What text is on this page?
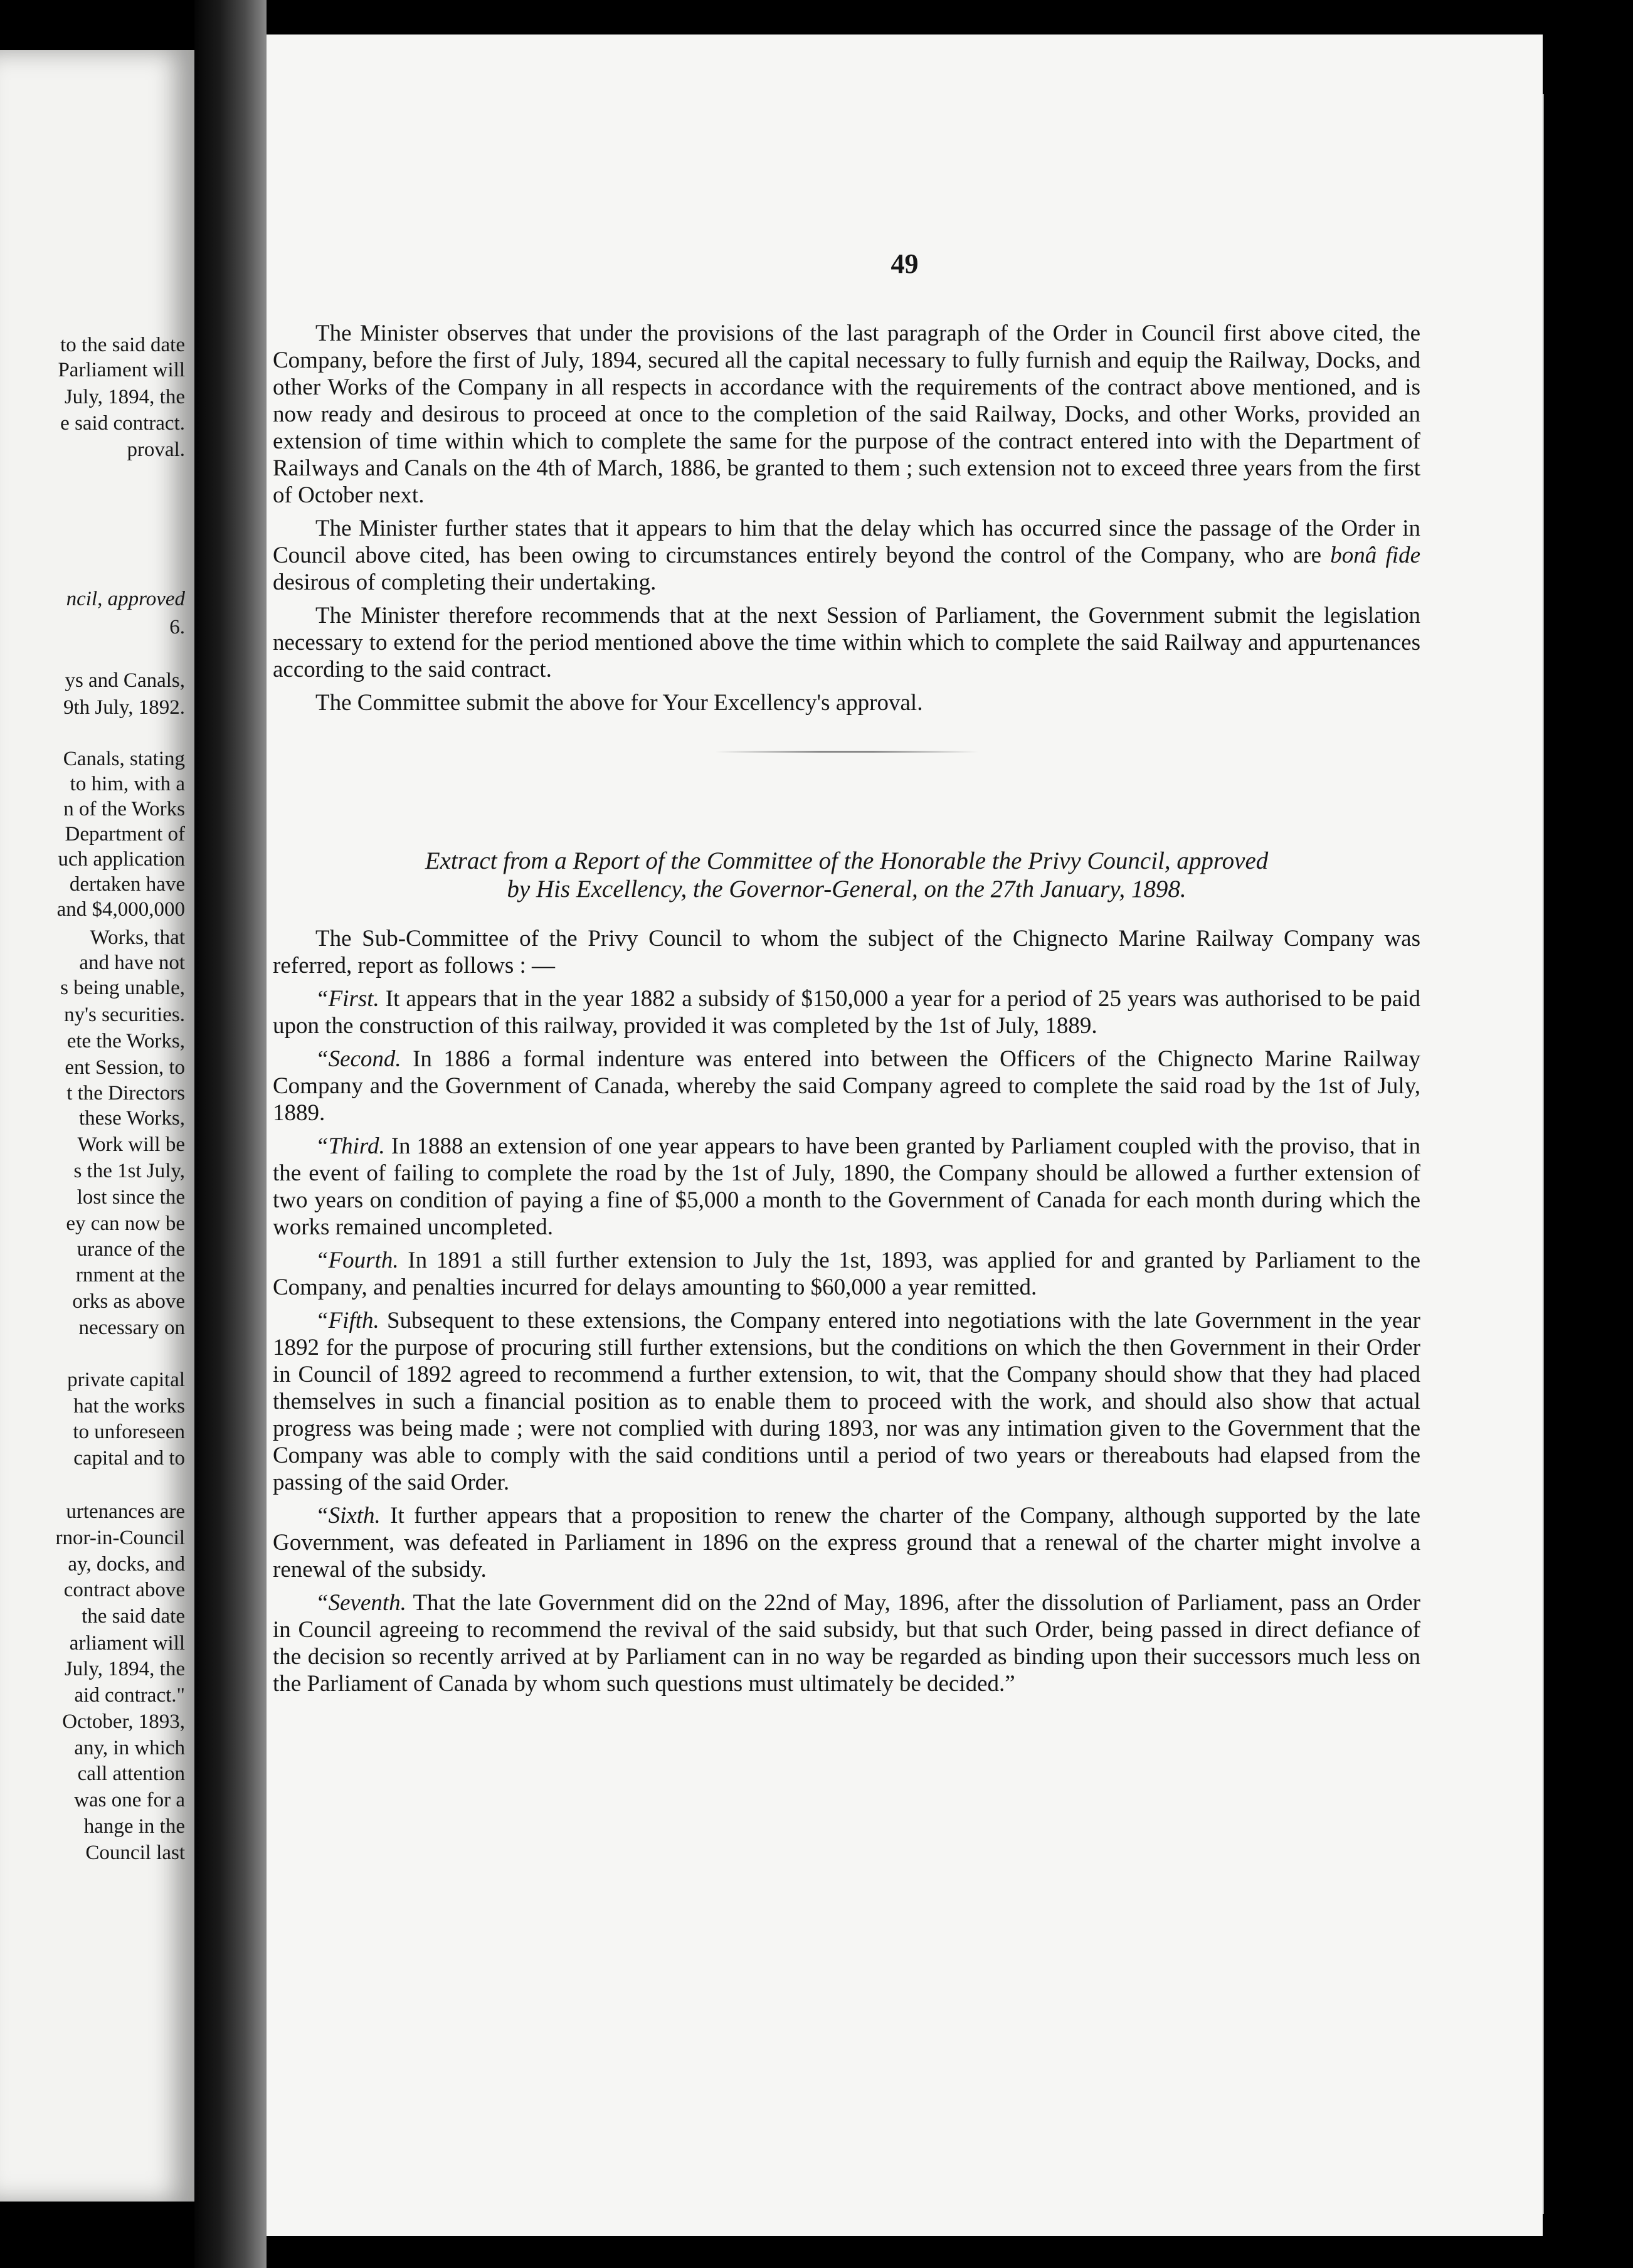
to the said date
Parliament will
July, 1894, the
e said contract.
proval.
ncil, approved
6.
ys and Canals,
9th July, 1892.
Canals, stating
to him, with a
n of the Works
Department of
uch application
dertaken have
and $4,000,000
Works, that
and have not
s being unable,
ny's securities.
ete the Works,
ent Session, to
t the Directors
these Works,
Work will be
s the 1st July,
lost since the
ey can now be
urance of the
rnment at the
orks as above
necessary on
private capital
hat the works
to unforeseen
capital and to
urtenances are
rnor-in-Council
ay, docks, and
contract above
the said date
arliament will
July, 1894, the
aid contract."
October, 1893,
any, in which
call attention
was one for a
hange in the
Council last
49

The Minister observes that under the provisions of the last paragraph of the Order in Council first above cited, the Company, before the first of July, 1894, secured all the capital necessary to fully furnish and equip the Railway, Docks, and other Works of the Company in all respects in accordance with the requirements of the contract above mentioned, and is now ready and desirous to proceed at once to the completion of the said Railway, Docks, and other Works, provided an extension of time within which to complete the same for the purpose of the contract entered into with the Department of Railways and Canals on the 4th of March, 1886, be granted to them ; such extension not to exceed three years from the first of October next.

The Minister further states that it appears to him that the delay which has occurred since the passage of the Order in Council above cited, has been owing to circumstances entirely beyond the control of the Company, who are bonâ fide desirous of completing their undertaking.

The Minister therefore recommends that at the next Session of Parliament, the Government submit the legislation necessary to extend for the period mentioned above the time within which to complete the said Railway and appurtenances according to the said contract.

The Committee submit the above for Your Excellency's approval.

Extract from a Report of the Committee of the Honorable the Privy Council, approved
by His Excellency, the Governor-General, on the 27th January, 1898.

The Sub-Committee of the Privy Council to whom the subject of the Chignecto Marine Railway Company was referred, report as follows : —

“First. It appears that in the year 1882 a subsidy of $150,000 a year for a period of 25 years was authorised to be paid upon the construction of this railway, provided it was completed by the 1st of July, 1889.

“Second. In 1886 a formal indenture was entered into between the Officers of the Chignecto Marine Railway Company and the Government of Canada, whereby the said Company agreed to complete the said road by the 1st of July, 1889.

“Third. In 1888 an extension of one year appears to have been granted by Parliament coupled with the proviso, that in the event of failing to complete the road by the 1st of July, 1890, the Company should be allowed a further extension of two years on condition of paying a fine of $5,000 a month to the Government of Canada for each month during which the works remained uncompleted.

“Fourth. In 1891 a still further extension to July the 1st, 1893, was applied for and granted by Parliament to the Company, and penalties incurred for delays amounting to $60,000 a year remitted.

“Fifth. Subsequent to these extensions, the Company entered into negotiations with the late Government in the year 1892 for the purpose of procuring still further extensions, but the conditions on which the then Government in their Order in Council of 1892 agreed to recommend a further extension, to wit, that the Company should show that they had placed themselves in such a financial position as to enable them to proceed with the work, and should also show that actual progress was being made ; were not complied with during 1893, nor was any intimation given to the Government that the Company was able to comply with the said conditions until a period of two years or thereabouts had elapsed from the passing of the said Order.

“Sixth. It further appears that a proposition to renew the charter of the Company, although supported by the late Government, was defeated in Parliament in 1896 on the express ground that a renewal of the charter might involve a renewal of the subsidy.

“Seventh. That the late Government did on the 22nd of May, 1896, after the dissolution of Parliament, pass an Order in Council agreeing to recommend the revival of the said subsidy, but that such Order, being passed in direct defiance of the decision so recently arrived at by Parliament can in no way be regarded as binding upon their successors much less on the Parliament of Canada by whom such questions must ultimately be decided.”
